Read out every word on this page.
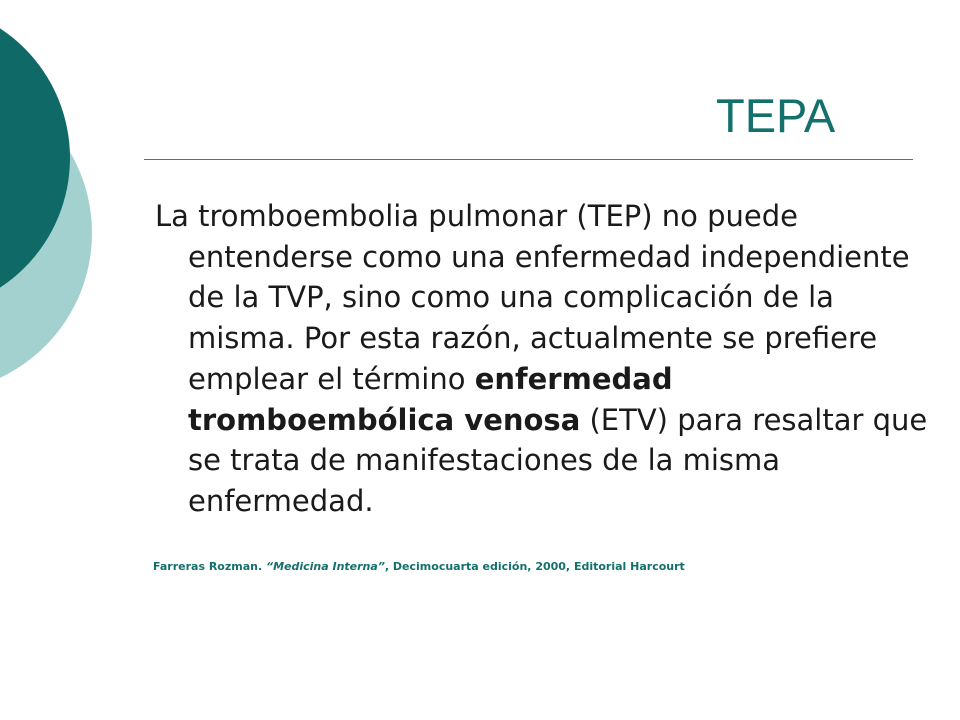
TEPA

La tromboembolia pulmonar (TEP) no puede entenderse como una enfermedad independiente de la TVP, sino como una complicación de la misma. Por esta razón, actualmente se prefiere emplear el término enfermedad tromboembólica venosa (ETV) para resaltar que se trata de manifestaciones de la misma enfermedad.

Farreras Rozman. “Medicina Interna”, Decimocuarta edición, 2000, Editorial Harcourt
